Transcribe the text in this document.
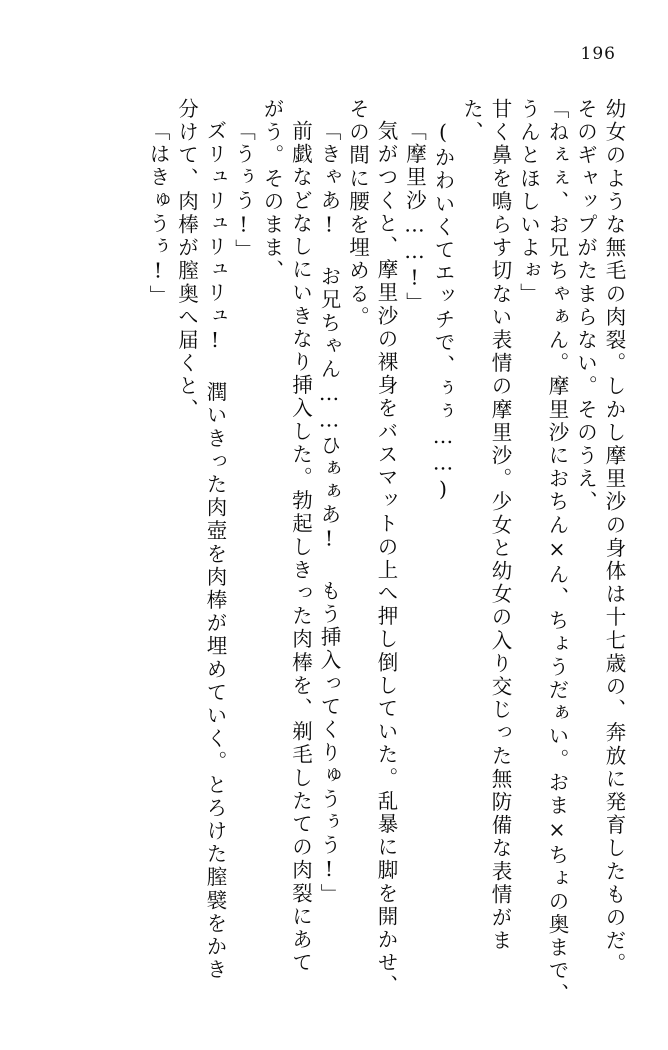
196
幼女のような無毛の肉裂。しかし摩里沙の身体は十七歳の、奔放に発育したものだ。
そのギャップがたまらない。そのうえ、
「ねぇぇ、お兄ちゃぁん。摩里沙におちん×ん、ちょうだぁい。おま×ちょの奥まで、
うんとほしいよぉ」
甘く鼻を鳴らす切ない表情の摩里沙。少女と幼女の入り交じった無防備な表情がま
た、
(かわいくてエッチで、ぅぅ……)
「摩里沙……!」
気がつくと、摩里沙の裸身をバスマットの上へ押し倒していた。乱暴に脚を開かせ、
その間に腰を埋める。
「きゃあ! お兄ちゃん……ひぁぁあ! もう挿入ってくりゅうぅう!」
前戯などなしにいきなり挿入した。勃起しきった肉棒を、剃毛したての肉裂にあて
がう。そのまま、
「うぅう!」
ズリュリュリュリュ! 潤いきった肉壺を肉棒が埋めていく。とろけた膣襞をかき
分けて、肉棒が膣奥へ届くと、
「はきゅうぅ!」
